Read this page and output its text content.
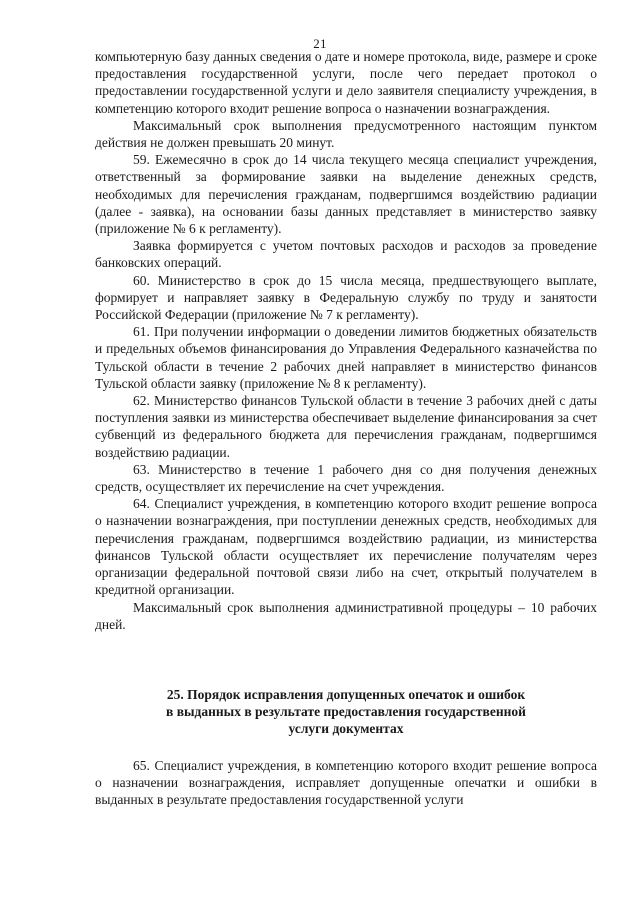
21

компьютерную базу данных сведения о дате и номере протокола, виде, размере и сроке предоставления государственной услуги, после чего передает протокол о предоставлении государственной услуги и дело заявителя специалисту учреждения, в компетенцию которого входит решение вопроса о назначении вознаграждения.

Максимальный срок выполнения предусмотренного настоящим пунктом действия не должен превышать 20 минут.

59. Ежемесячно в срок до 14 числа текущего месяца специалист учреждения, ответственный за формирование заявки на выделение денежных средств, необходимых для перечисления гражданам, подвергшимся воздействию радиации (далее - заявка), на основании базы данных представляет в министерство заявку (приложение № 6 к регламенту).

Заявка формируется с учетом почтовых расходов и расходов за проведение банковских операций.

60. Министерство в срок до 15 числа месяца, предшествующего выплате, формирует и направляет заявку в Федеральную службу по труду и занятости Российской Федерации (приложение № 7 к регламенту).

61. При получении информации о доведении лимитов бюджетных обязательств и предельных объемов финансирования до Управления Федерального казначейства по Тульской области в течение 2 рабочих дней направляет в министерство финансов Тульской области заявку (приложение № 8 к регламенту).

62. Министерство финансов Тульской области в течение 3 рабочих дней с даты поступления заявки из министерства обеспечивает выделение финансирования за счет субвенций из федерального бюджета для перечисления гражданам, подвергшимся воздействию радиации.

63. Министерство в течение 1 рабочего дня со дня получения денежных средств, осуществляет их перечисление на счет учреждения.

64. Специалист учреждения, в компетенцию которого входит решение вопроса о назначении вознаграждения, при поступлении денежных средств, необходимых для перечисления гражданам, подвергшимся воздействию радиации, из министерства финансов Тульской области осуществляет их перечисление получателям через организации федеральной почтовой связи либо на счет, открытый получателем в кредитной организации.

Максимальный срок выполнения административной процедуры – 10 рабочих дней.

25. Порядок исправления допущенных опечаток и ошибок
в выданных в результате предоставления государственной
услуги документах

65. Специалист учреждения, в компетенцию которого входит решение вопроса о назначении вознаграждения, исправляет допущенные опечатки и ошибки в выданных в результате предоставления государственной услуги
